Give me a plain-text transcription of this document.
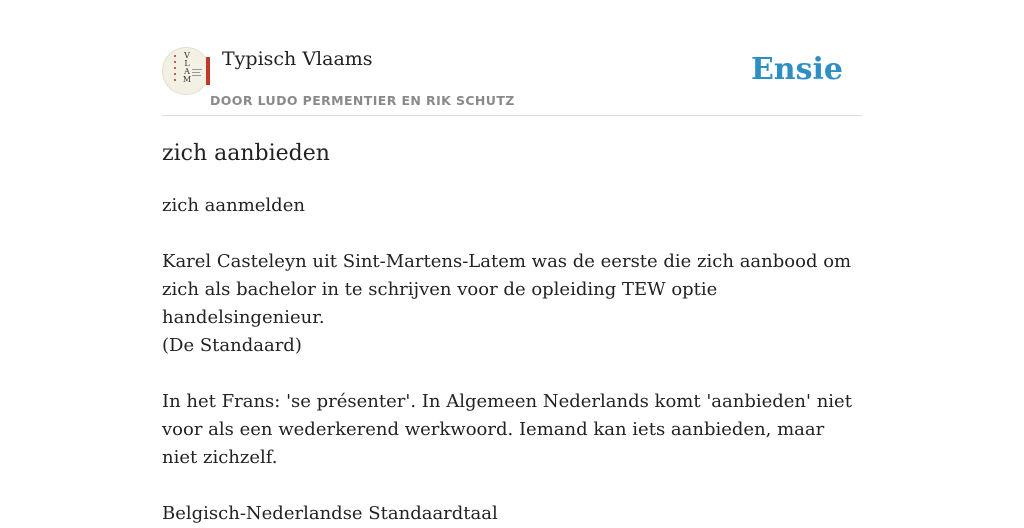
V
L
A
M
Typisch Vlaams
DOOR LUDO PERMENTIER EN RIK SCHUTZ
Ensie
zich aanbieden

zich aanmelden

Karel Casteleyn uit Sint-Martens-Latem was de eerste die zich aanbood om zich als bachelor in te schrijven voor de opleiding TEW optie handelsingenieur.
(De Standaard)

In het Frans: 'se présenter'. In Algemeen Nederlands komt 'aanbieden' niet voor als een wederkerend werkwoord. Iemand kan iets aanbieden, maar niet zichzelf.

Belgisch-Nederlandse Standaardtaal
